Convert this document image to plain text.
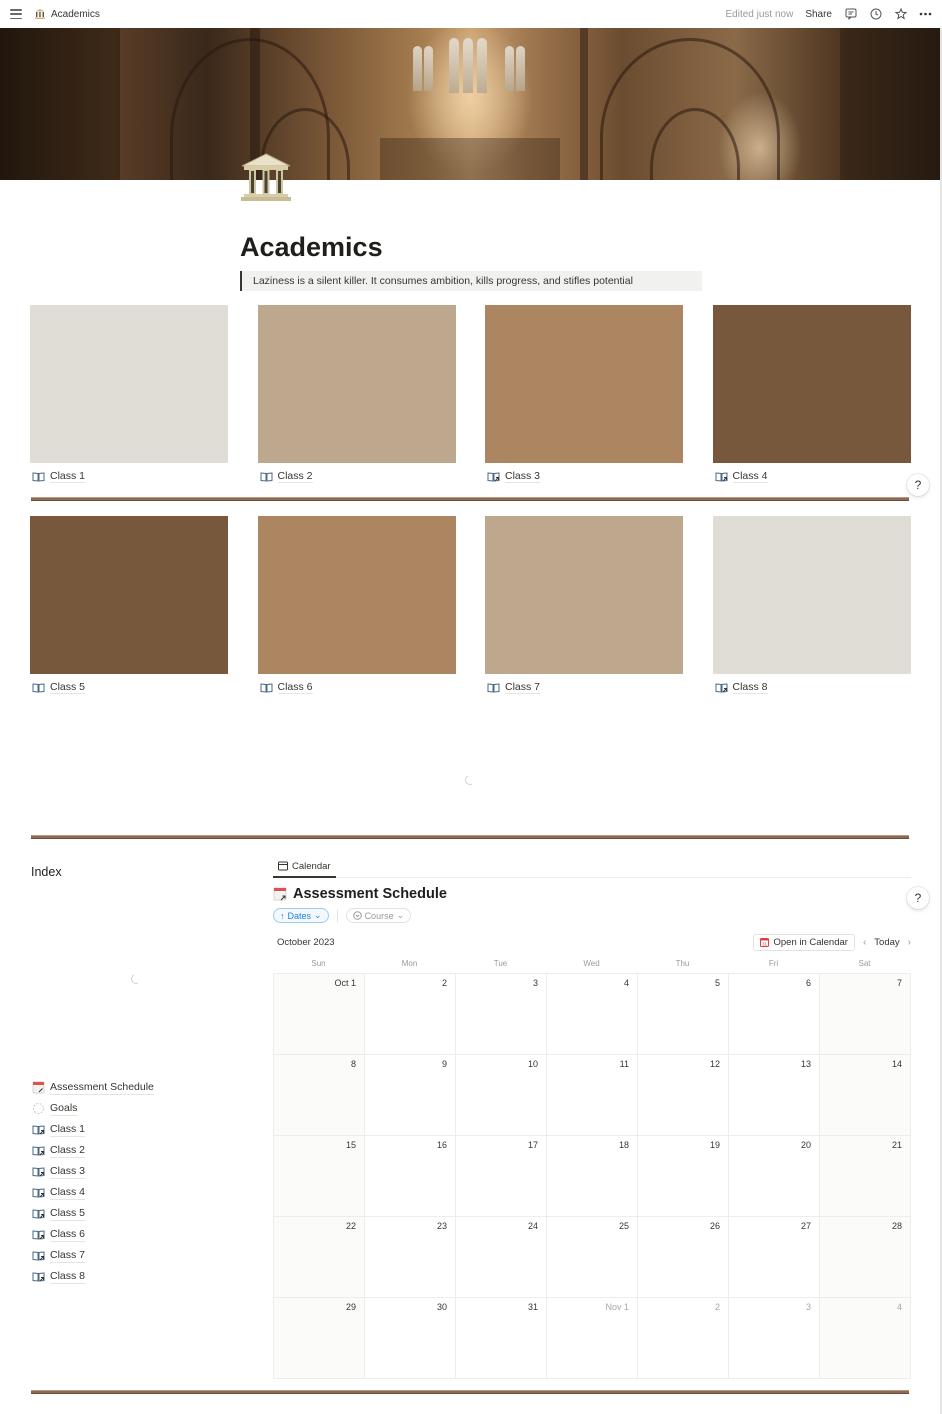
Academics	Edited just now Share
Academics
Laziness is a silent killer. It consumes ambition, kills progress, and stifles potential
Class 1	Class 2	Class 3	Class 4
?
Class 5	Class 6	Class 7	Class 8
Index
Assessment Schedule
Goals
Class 1
Class 2
Class 3
Class 4
Class 5
Class 6
Class 7
Class 8
Calendar
Assessment Schedule
↑ Dates ⌄	Course ⌄
October 2023	31 Open in Calendar ‹ Today ›
Sun	Mon	Tue	Wed	Thu	Fri	Sat
Oct 1	2	3	4	5	6	7
8	9	10	11	12	13	14
15	16	17	18	19	20	21
22	23	24	25	26	27	28
29	30	31	Nov 1	2	3	4
?
